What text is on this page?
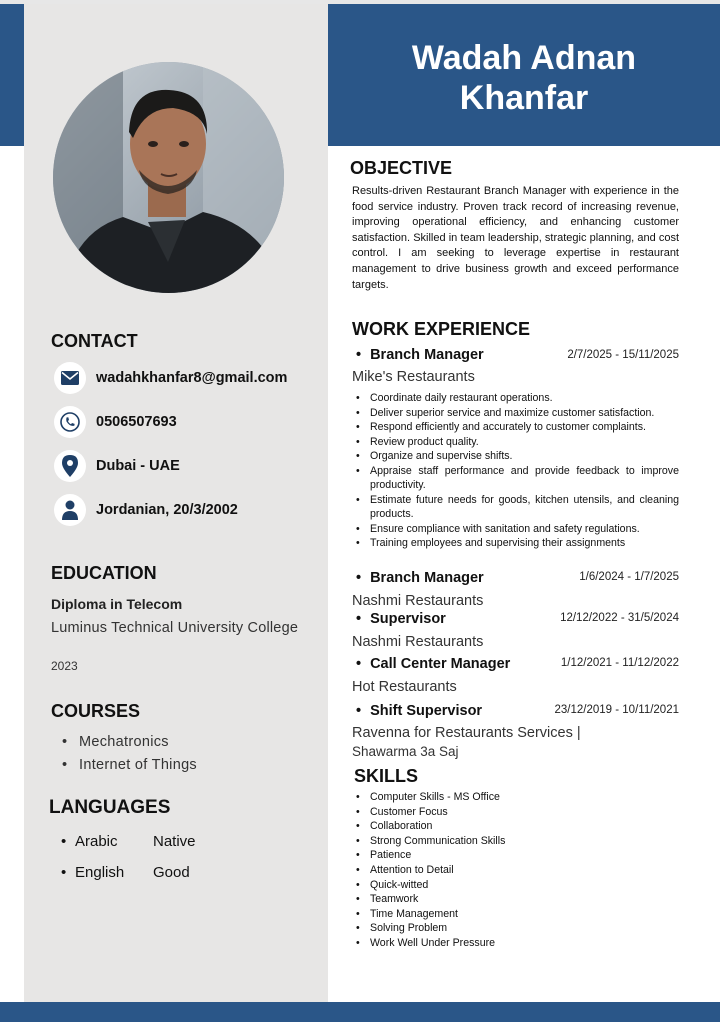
Wadah Adnan
Khanfar
CONTACT
wadahkhanfar8@gmail.com
0506507693
Dubai - UAE
Jordanian, 20/3/2002
EDUCATION
Diploma in Telecom
Luminus Technical University College
2023
COURSES
• Mechatronics
• Internet of Things
LANGUAGES
• Arabic Native
• English Good
OBJECTIVE
Results-driven Restaurant Branch Manager with experience in the food service industry. Proven track record of increasing revenue, improving operational efficiency, and enhancing customer satisfaction. Skilled in team leadership, strategic planning, and cost control. I am seeking to leverage expertise in restaurant management to drive business growth and exceed performance targets.
WORK EXPERIENCE
• Branch Manager	2/7/2025 - 15/11/2025
Mike's Restaurants
• Coordinate daily restaurant operations.
• Deliver superior service and maximize customer satisfaction.
• Respond efficiently and accurately to customer complaints.
• Review product quality.
• Organize and supervise shifts.
• Appraise staff performance and provide feedback to improve productivity.
• Estimate future needs for goods, kitchen utensils, and cleaning products.
• Ensure compliance with sanitation and safety regulations.
• Training employees and supervising their assignments
• Branch Manager	1/6/2024 - 1/7/2025
Nashmi Restaurants
• Supervisor	12/12/2022 - 31/5/2024
Nashmi Restaurants
• Call Center Manager	1/12/2021 - 11/12/2022
Hot Restaurants
• Shift Supervisor	23/12/2019 - 10/11/2021
Ravenna for Restaurants Services |
Shawarma 3a Saj
SKILLS
• Computer Skills - MS Office
• Customer Focus
• Collaboration
• Strong Communication Skills
• Patience
• Attention to Detail
• Quick-witted
• Teamwork
• Time Management
• Solving Problem
• Work Well Under Pressure
